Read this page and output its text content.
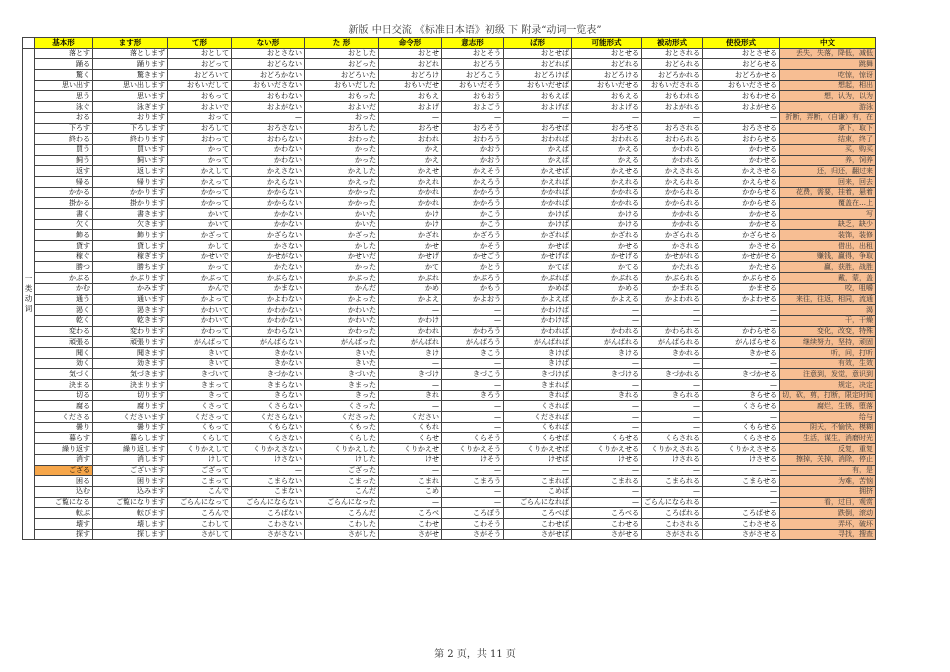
新版 中日交流 《标准日本语》初级 下 附录“动词一览表”
	基本形	ます形	て形	ない形	た 形	命令形	意志形	ば形	可能形式	被动形式	使役形式	中文
一类动词	落とす	落としまず	おとして	おとさない	おとした	おとせ	おとそう	おとせば	おとせる	おとされる	おとさせる	丢失，失落，降低，减低
	踊る	踊ります	おどって	おどらない	おどった	おどれ	おどろう	おどれば	おどれる	おどられる	おどらせる	跳舞
	驚く	驚きます	おどろいて	おどろかない	おどろいた	おどろけ	おどろこう	おどろけば	おどろける	おどろかれる	おどろかせる	吃惊，惊讶
	思い出す	思い出します	おもいだして	おもいださない	おもいだした	おもいだせ	おもいだそう	おもいだせば	おもいだせる	おもいだされる	おもいださせる	想起，相出
	思う	思います	おもって	おもわない	おもった	おもえ	おもおう	おもえば	おもえる	おもわれる	おもわせる	想，认为，以为
	泳ぐ	泳ぎます	およいで	およがない	およいだ	およげ	およごう	およげば	およげる	およがれる	およがせる	游泳
	おる	おります	おって	—	おった	—	—	—	—	—	—	折断，弄断，（自谦）有，在
	下ろす	下ろします	おろして	おろさない	おろした	おろせ	おろそう	おろせば	おろせる	おろされる	おろさせる	拿下，取下
	終わる	終わります	おわって	おわらない	おわった	おわれ	おわろう	おわれば	おわれる	おわられる	おわらせる	结束，终了
	買う	買います	かって	かわない	かった	かえ	かおう	かえば	かえる	かわれる	かわせる	买，购买
	飼う	飼います	かって	かわない	かった	かえ	かおう	かえば	かえる	かわれる	かわせる	养，饲养
	返す	返します	かえして	かえさない	かえした	かえせ	かえそう	かえせば	かえせる	かえされる	かえさせる	还，归还，翻过来
	帰る	帰ります	かえって	かえらない	かえった	かえれ	かえろう	かえれば	かえれる	かえられる	かえらせる	回来，回去
	かかる	かかります	かかって	かからない	かかった	かかれ	かかろう	かかれば	かかれる	かかられる	かからせる	花费，需要，挂着，悬着
	掛かる	掛かります	かかって	かからない	かかった	かかれ	かかろう	かかれば	かかれる	かかられる	かからせる	覆盖在…上
	書く	書きます	かいて	かかない	かいた	かけ	かこう	かけば	かける	かかれる	かかせる	写
	欠く	欠きます	かいて	かかない	かいた	かけ	かこう	かけば	かける	かかれる	かかせる	缺乏，缺少
	飾る	飾ります	かざって	かざらない	かざった	かざれ	かざろう	かざれば	かざれる	かざられる	かざらせる	装饰，装修
	貸す	貸します	かして	かさない	かした	かせ	かそう	かせば	かせる	かされる	かさせる	借出，出租
	稼ぐ	稼ぎます	かせいで	かせがない	かせいだ	かせげ	かせごう	かせげば	かせげる	かせがれる	かせがせる	赚钱，赢得，争取
	勝つ	勝ちます	かって	かたない	かった	かて	かとう	かてば	かてる	かたれる	かたせる	赢，获胜，战胜
	かぶる	かぶります	かぶって	かぶらない	かぶった	かぶれ	かぶろう	かぶれば	かぶれる	かぶられる	かぶらせる	戴，蒙，盖
	かむ	かみます	かんで	かまない	かんだ	かめ	かもう	かめば	かめる	かまれる	かませる	咬，咀嚼
	通う	通います	かよって	かよわない	かよった	かよえ	かよおう	かよえば	かよえる	かよわれる	かよわせる	来往，往返，相同，流通
	渇く	渇きます	かわいて	かわかない	かわいた	—	—	かわけば	—	—	—	渴
	乾く	乾きます	かわいて	かわかない	かわいた	かわけ	—	かわけば	—	—	—	干，干燥
	変わる	変わります	かわって	かわらない	かわった	かわれ	かわろう	かわれば	かわれる	かわられる	かわらせる	变化，改变，特殊
	頑張る	頑張ります	がんばって	がんばらない	がんばった	がんばれ	がんばろう	がんばれば	がんばれる	がんばられる	がんばらせる	继续努力，坚持，顽固
	聞く	聞きます	きいて	きかない	きいた	きけ	きこう	きけば	きける	きかれる	きかせる	听，问，打听
	効く	効きます	きいて	きかない	きいた	—	—	きけば	—	—	—	有效，生效
	気づく	気づきます	きづいて	きづかない	きづいた	きづけ	きづこう	きづけば	きづける	きづかれる	きづかせる	注意到，发觉，意识到
	決まる	決まります	きまって	きまらない	きまった	—	—	きまれば	—	—	—	规定，决定
	切る	切ります	きって	きらない	きった	きれ	きろう	きれば	きれる	きられる	きらせる	切，砍，剪，打断，限定时间
	腐る	腐ります	くさって	くさらない	くさった	—	—	くされば	—	—	くさらせる	腐烂，生锈，堕落
	くださる	くださいます	くださって	くださらない	くださった	ください	—	くだされば	—	—	—	给与
	曇り	曇ります	くもって	くもらない	くもった	くもれ	—	くもれば	—	—	くもらせる	阴天，不愉快，模糊
	暮らす	暮らします	くらして	くらさない	くらした	くらせ	くらそう	くらせば	くらせる	くらされる	くらさせる	生活，谋生，消磨时光
	繰り返す	繰り返します	くりかえして	くりかえさない	くりかえした	くりかえせ	くりかえそう	くりかえせば	くりかえせる	くりかえされる	くりかえさせる	反复，重复
	消す	消します	けして	けさない	けした	けせ	けそう	けせば	けせる	けされる	けさせる	擦掉，关掉，消除，停止
	ござる	ございます	ござって	—	ござった	—	—	—	—	—	—	有，是
	困る	困ります	こまって	こまらない	こまった	こまれ	こまろう	こまれば	こまれる	こまられる	こまらせる	为难，苦恼
	込む	込みます	こんで	こまない	こんだ	こめ	—	こめば	—	—	—	拥挤
	ご覧になる	ご覧になります	ごらんになって	ごらんにならない	ごらんになった	—	—	ごらんになれば	—	ごらんになられる	—	看，过目，观赏
	転ぶ	転びます	ころんで	ころばない	ころんだ	ころべ	ころぼう	ころべば	ころべる	ころばれる	ころばせる	跌倒，滚动
	壊す	壊します	こわして	こわさない	こわした	こわせ	こわそう	こわせば	こわせる	こわされる	こわさせる	弄坏，破坏
	探す	探します	さがして	さがさない	さがした	さがせ	さがそう	さがせば	さがせる	さがされる	さがさせる	寻找，搜查
第 2 页，共 11 页
